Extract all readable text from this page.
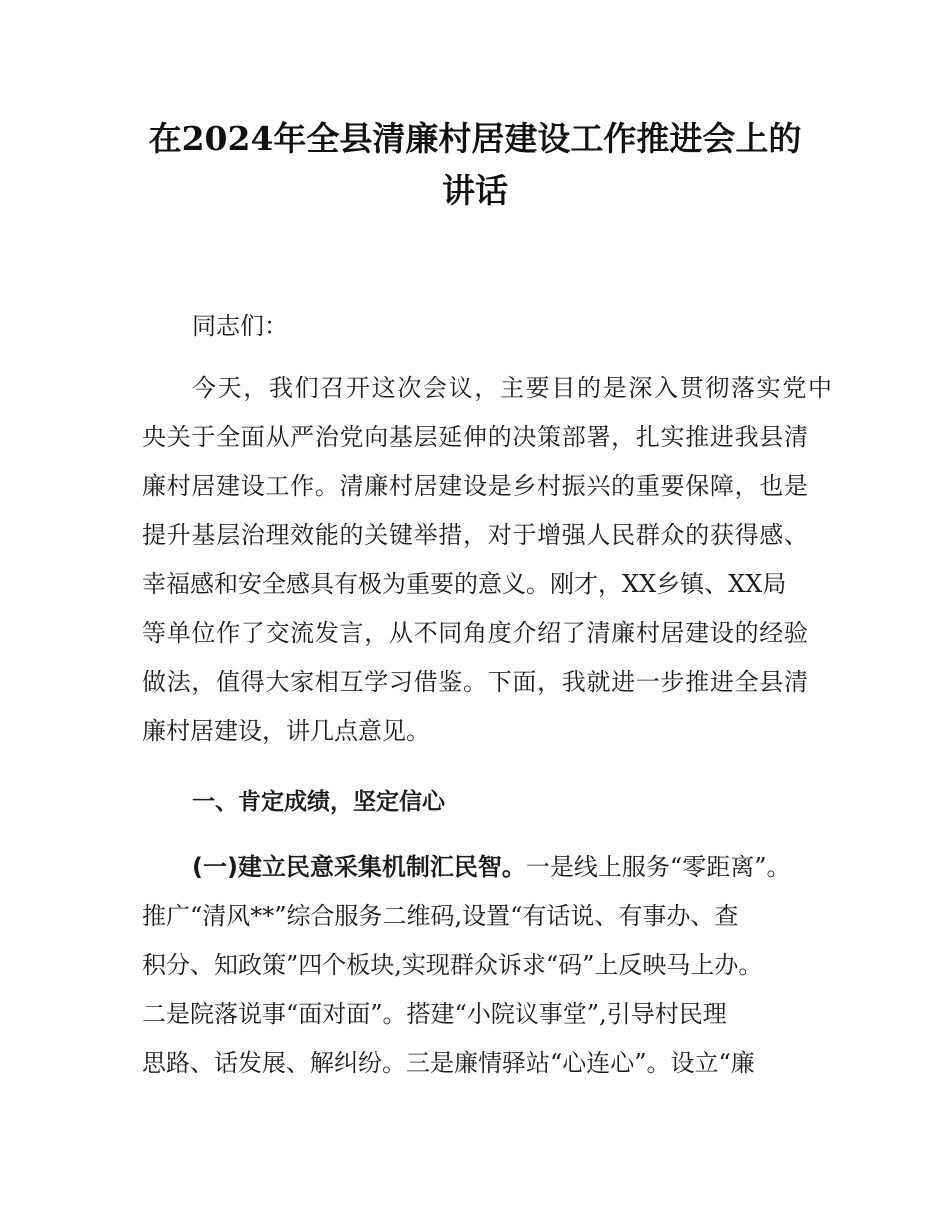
在2024年全县清廉村居建设工作推进会上的
讲话

同志们：

今天，我们召开这次会议，主要目的是深入贯彻落实党中

央关于全面从严治党向基层延伸的决策部署，扎实推进我县清

廉村居建设工作。清廉村居建设是乡村振兴的重要保障，也是

提升基层治理效能的关键举措，对于增强人民群众的获得感、

幸福感和安全感具有极为重要的意义。刚才，XX乡镇、XX局

等单位作了交流发言，从不同角度介绍了清廉村居建设的经验

做法，值得大家相互学习借鉴。下面，我就进一步推进全县清

廉村居建设，讲几点意见。

一、肯定成绩，坚定信心

(一)建立民意采集机制汇民智。一是线上服务“零距离”。

推广“清风**”综合服务二维码,设置“有话说、有事办、查

积分、知政策”四个板块,实现群众诉求“码”上反映马上办。

二是院落说事“面对面”。搭建“小院议事堂”,引导村民理

思路、话发展、解纠纷。三是廉情驿站“心连心”。设立“廉
